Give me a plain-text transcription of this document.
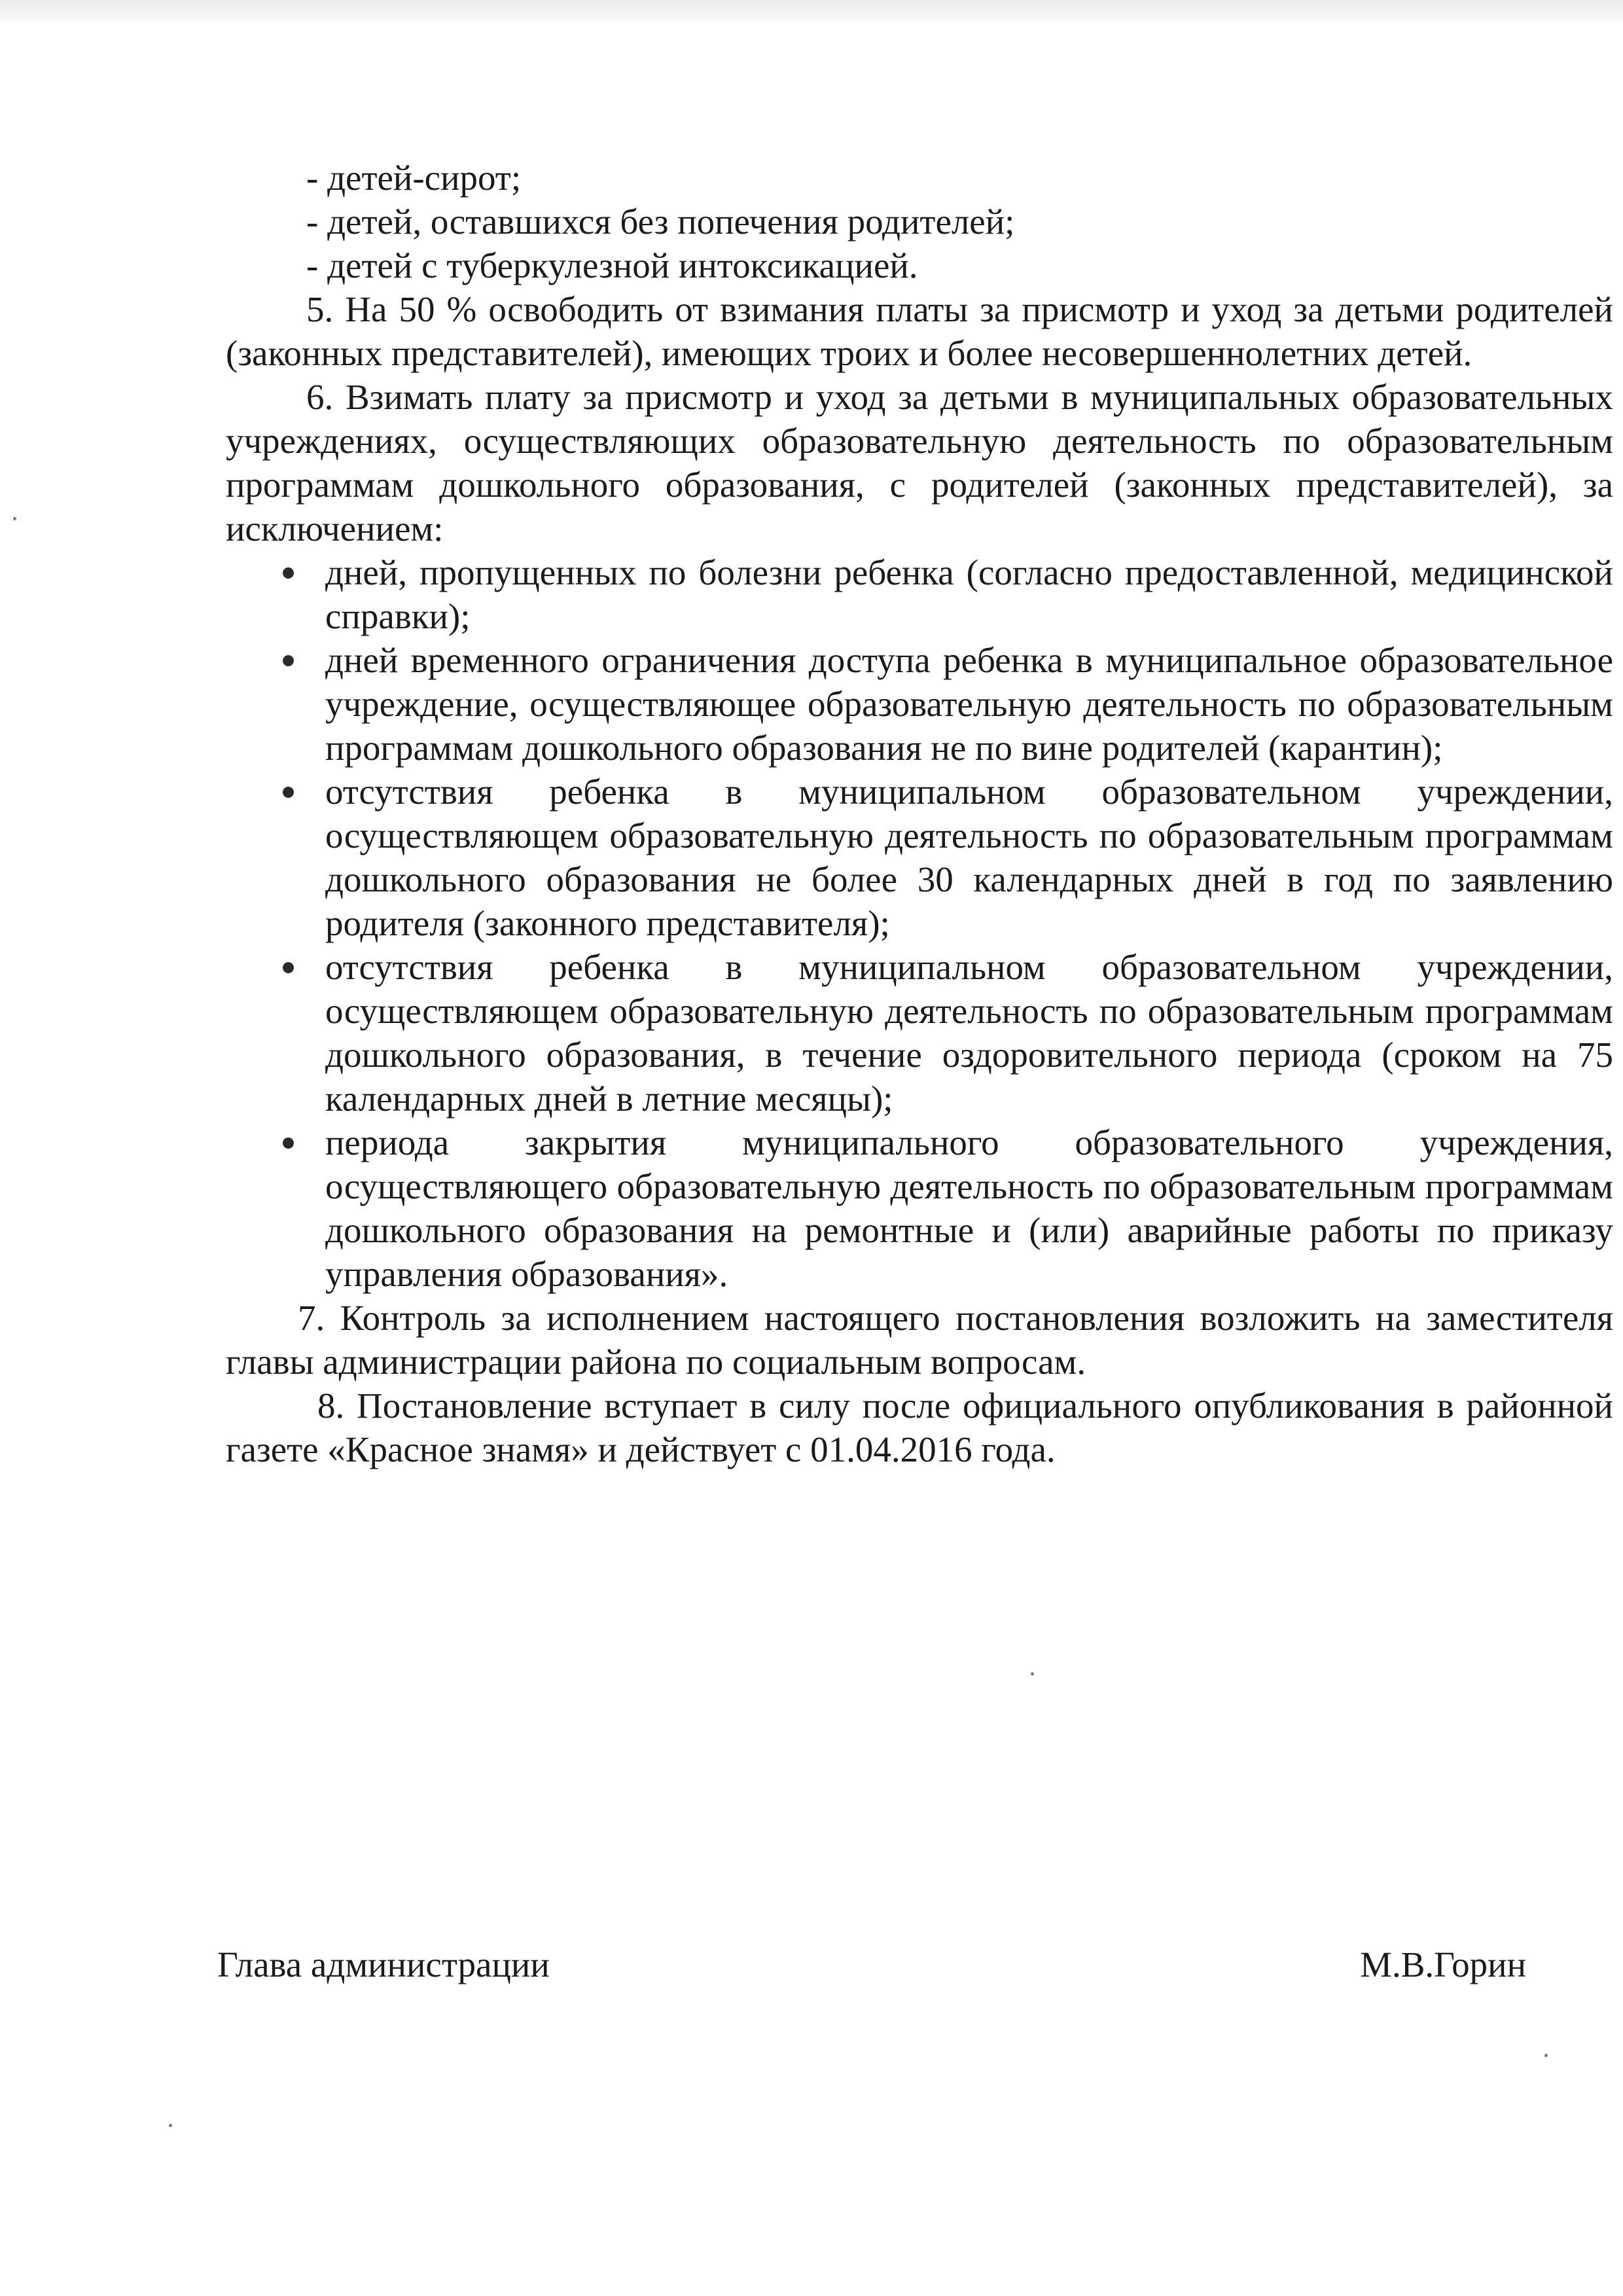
- детей-сирот;

- детей, оставшихся без попечения родителей;

- детей с туберкулезной интоксикацией.

5. На 50 % освободить от взимания платы за присмотр и уход за детьми родителей (законных представителей), имеющих троих и более несовершеннолетних детей.

6. Взимать плату за присмотр и уход за детьми в муниципальных образовательных учреждениях, осуществляющих образовательную деятельность по образовательным программам дошкольного образования, с родителей (законных представителей), за исключением:

дней, пропущенных по болезни ребенка (согласно предоставленной, медицинской справки);
дней временного ограничения доступа ребенка в муниципальное образовательное учреждение, осуществляющее образовательную деятельность по образовательным программам дошкольного образования не по вине родителей (карантин);
отсутствия ребенка в муниципальном образовательном учреждении, осуществляющем образовательную деятельность по образовательным программам дошкольного образования не более 30 календарных дней в год по заявлению родителя (законного представителя);
отсутствия ребенка в муниципальном образовательном учреждении, осуществляющем образовательную деятельность по образовательным программам дошкольного образования, в течение оздоровительного периода (сроком на 75 календарных дней в летние месяцы);
периода закрытия муниципального образовательного учреждения, осуществляющего образовательную деятельность по образовательным программам дошкольного образования на ремонтные и (или) аварийные работы по приказу управления образования».

7. Контроль за исполнением настоящего постановления возложить на заместителя главы администрации района по социальным вопросам.

8. Постановление вступает в силу после официального опубликования в районной газете «Красное знамя» и действует с 01.04.2016 года.

Глава администрации	М.В.Горин
